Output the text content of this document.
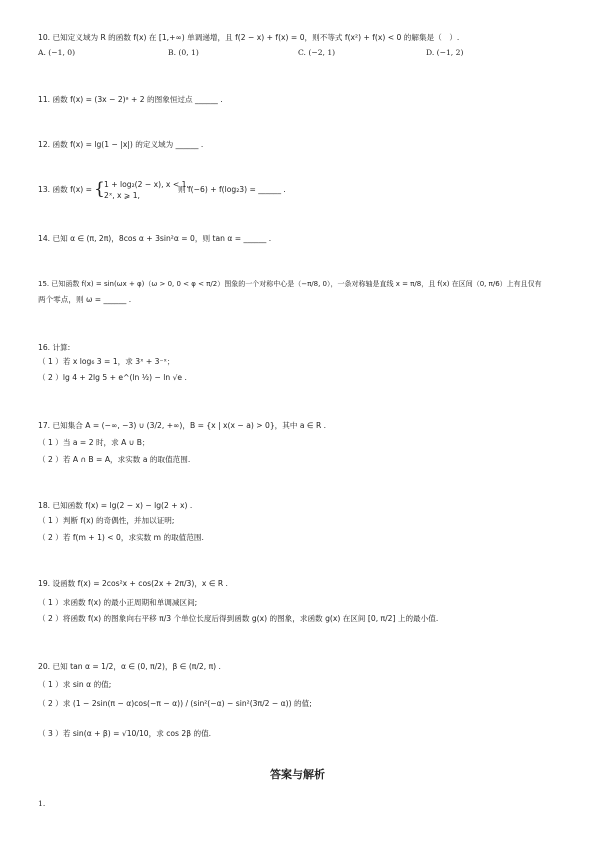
10. 已知定义域为 R 的函数 f(x) 在 [1,+∞) 单调递增，且 f(2 − x) + f(x) = 0，则不等式 f(x²) + f(x) < 0 的解集是（　）.
A. (−1, 0)	B. (0, 1)	C. (−2, 1)	D. (−1, 2)
11. 函数 f(x) = (3x − 2)ᵃ + 2 的图象恒过点 ______ .
12. 函数 f(x) = lg(1 − |x|) 的定义域为 ______ .
13. 函数 f(x) = { 1 + log₂(2 − x), x < 1,
2ˣ, x ⩾ 1,
则 f(−6) + f(log₂3) = ______ .
14. 已知 α ∈ (π, 2π)，8cos α + 3sin²α = 0，则 tan α = ______ .
15. 已知函数 f(x) = sin(ωx + φ)（ω > 0, 0 < φ < π/2）图象的一个对称中心是（−π/8, 0），一条对称轴是直线 x = π/8，且 f(x) 在区间（0, π/6）上有且仅有
两个零点，则 ω = ______ .
16. 计算:
（ 1 ）若 x log₆ 3 = 1，求 3ˣ + 3⁻ˣ；
（ 2 ）lg 4 + 2lg 5 + e^(ln ½) − ln √e .
17. 已知集合 A = (−∞, −3) ∪ (3/2, +∞)，B = {x | x(x − a) > 0}，其中 a ∈ R .
（ 1 ）当 a = 2 时，求 A ∪ B；
（ 2 ）若 A ∩ B = A，求实数 a 的取值范围.
18. 已知函数 f(x) = lg(2 − x) − lg(2 + x) .
（ 1 ）判断 f(x) 的奇偶性，并加以证明;
（ 2 ）若 f(m + 1) < 0，求实数 m 的取值范围.
19. 设函数 f(x) = 2cos²x + cos(2x + 2π/3)，x ∈ R .
（ 1 ）求函数 f(x) 的最小正周期和单调减区间;
（ 2 ）将函数 f(x) 的图象向右平移 π/3 个单位长度后得到函数 g(x) 的图象，求函数 g(x) 在区间 [0, π/2] 上的最小值.
20. 已知 tan α = 1/2，α ∈ (0, π/2)，β ∈ (π/2, π) .
（ 1 ）求 sin α 的值;
（ 2 ）求 (1 − 2sin(π − α)cos(−π − α)) / (sin²(−α) − sin²(3π/2 − α)) 的值;
（ 3 ）若 sin(α + β) = √10/10，求 cos 2β 的值.
答案与解析
1.
